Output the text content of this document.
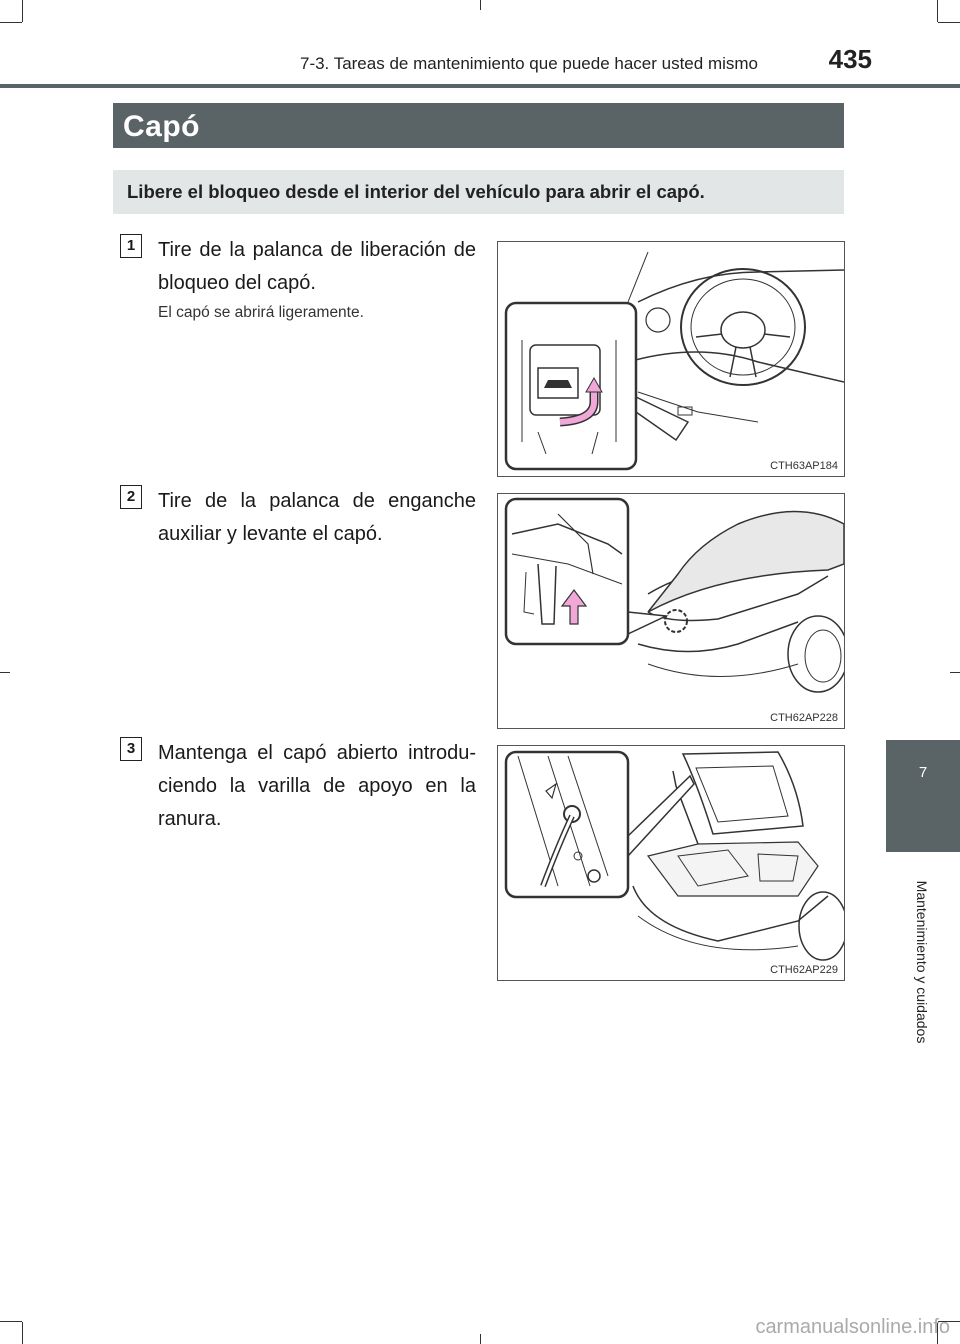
7-3. Tareas de mantenimiento que puede hacer usted mismo	435
Capó
Libere el bloqueo desde el interior del vehículo para abrir el capó.
1	Tire de la palanca de liberación de bloqueo del capó.
El capó se abrirá ligeramente.
CTH63AP184
2	Tire de la palanca de enganche auxiliar y levante el capó.
CTH62AP228
3	Mantenga el capó abierto introdu-ciendo la varilla de apoyo en la ranura.
CTH62AP229
7
Mantenimiento y cuidados
carmanualsonline.info
